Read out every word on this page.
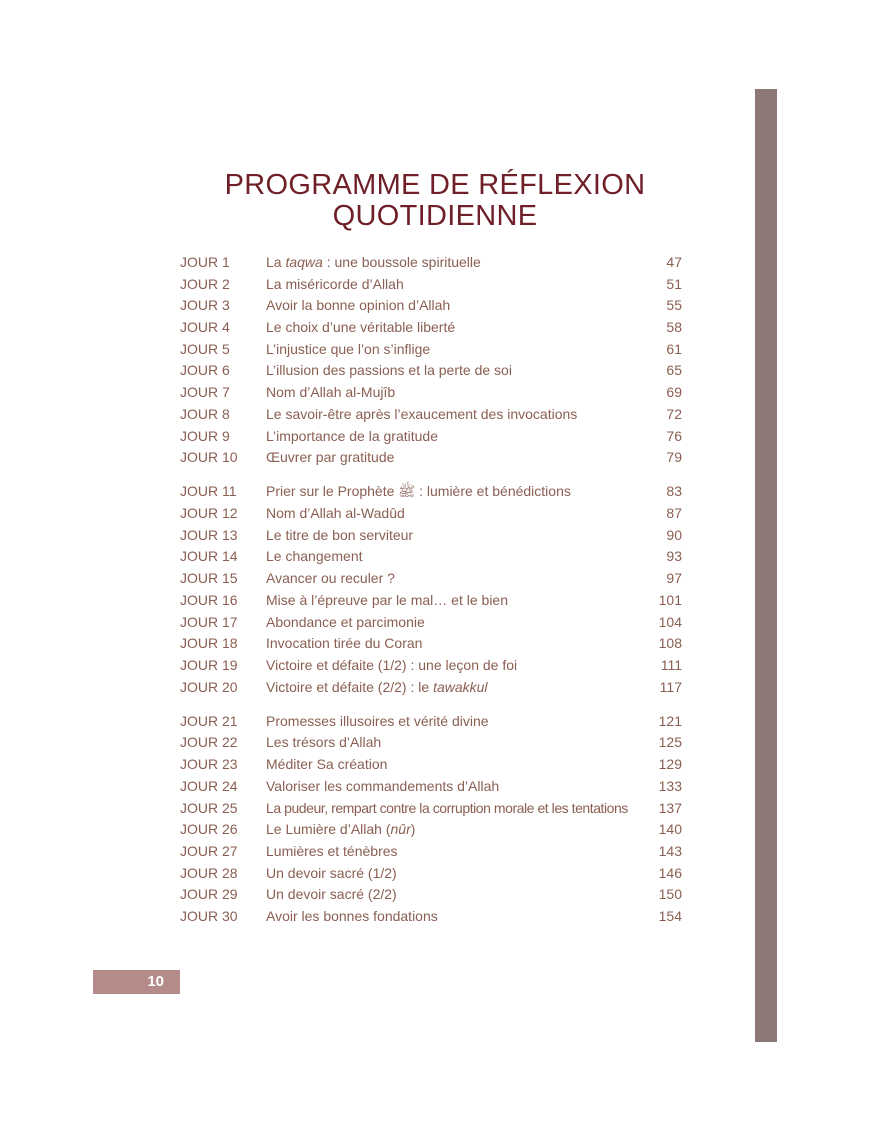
PROGRAMME DE RÉFLEXION
QUOTIDIENNE
JOUR 1	La taqwa : une boussole spirituelle	47
JOUR 2	La miséricorde d’Allah	51
JOUR 3	Avoir la bonne opinion d’Allah	55
JOUR 4	Le choix d’une véritable liberté	58
JOUR 5	L’injustice que l’on s’inflige	61
JOUR 6	L’illusion des passions et la perte de soi	65
JOUR 7	Nom d’Allah al-Mujîb	69
JOUR 8	Le savoir-être après l’exaucement des invocations	72
JOUR 9	L’importance de la gratitude	76
JOUR 10 Œuvrer par gratitude	79
JOUR 11 Prier sur le Prophète ﷺ : lumière et bénédictions	83
JOUR 12 Nom d’Allah al-Wadûd	87
JOUR 13 Le titre de bon serviteur	90
JOUR 14 Le changement	93
JOUR 15 Avancer ou reculer ?	97
JOUR 16 Mise à l’épreuve par le mal… et le bien	101
JOUR 17 Abondance et parcimonie	104
JOUR 18 Invocation tirée du Coran	108
JOUR 19 Victoire et défaite (1/2) : une leçon de foi	111
JOUR 20 Victoire et défaite (2/2) : le tawakkul	117
JOUR 21 Promesses illusoires et vérité divine	121
JOUR 22 Les trésors d’Allah	125
JOUR 23 Méditer Sa création	129
JOUR 24 Valoriser les commandements d’Allah	133
JOUR 25 La pudeur, rempart contre la corruption morale et les tentations 137
JOUR 26 Le Lumière d’Allah (nûr)	140
JOUR 27 Lumières et ténèbres	143
JOUR 28 Un devoir sacré (1/2)	146
JOUR 29 Un devoir sacré (2/2)	150
JOUR 30 Avoir les bonnes fondations	154
10
